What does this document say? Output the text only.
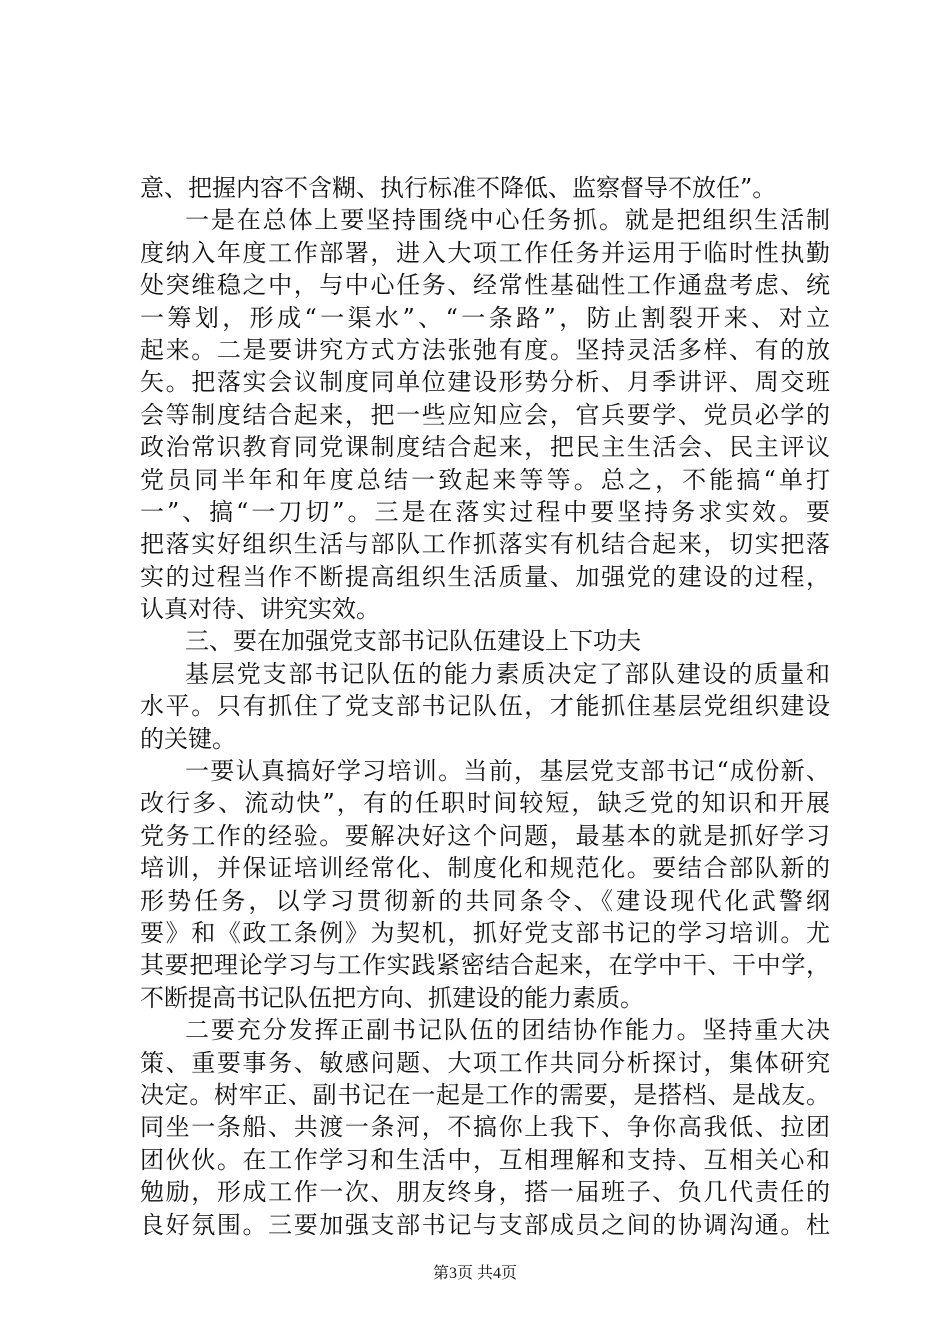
意、把握内容不含糊、执行标准不降低、监察督导不放任”。
一是在总体上要坚持围绕中心任务抓。就是把组织生活制
度纳入年度工作部署，进入大项工作任务并运用于临时性执勤
处突维稳之中，与中心任务、经常性基础性工作通盘考虑、统
一筹划，形成“一渠水”、“一条路”，防止割裂开来、对立
起来。二是要讲究方式方法张弛有度。坚持灵活多样、有的放
矢。把落实会议制度同单位建设形势分析、月季讲评、周交班
会等制度结合起来，把一些应知应会，官兵要学、党员必学的
政治常识教育同党课制度结合起来，把民主生活会、民主评议
党员同半年和年度总结一致起来等等。总之，不能搞“单打
一”、搞“一刀切”。三是在落实过程中要坚持务求实效。要
把落实好组织生活与部队工作抓落实有机结合起来，切实把落
实的过程当作不断提高组织生活质量、加强党的建设的过程，
认真对待、讲究实效。
三、要在加强党支部书记队伍建设上下功夫
基层党支部书记队伍的能力素质决定了部队建设的质量和
水平。只有抓住了党支部书记队伍，才能抓住基层党组织建设
的关键。
一要认真搞好学习培训。当前，基层党支部书记“成份新、
改行多、流动快”，有的任职时间较短，缺乏党的知识和开展
党务工作的经验。要解决好这个问题，最基本的就是抓好学习
培训，并保证培训经常化、制度化和规范化。要结合部队新的
形势任务，以学习贯彻新的共同条令、《建设现代化武警纲
要》和《政工条例》为契机，抓好党支部书记的学习培训。尤
其要把理论学习与工作实践紧密结合起来，在学中干、干中学，
不断提高书记队伍把方向、抓建设的能力素质。
二要充分发挥正副书记队伍的团结协作能力。坚持重大决
策、重要事务、敏感问题、大项工作共同分析探讨，集体研究
决定。树牢正、副书记在一起是工作的需要，是搭档、是战友。
同坐一条船、共渡一条河，不搞你上我下、争你高我低、拉团
团伙伙。在工作学习和生活中，互相理解和支持、互相关心和
勉励，形成工作一次、朋友终身，搭一届班子、负几代责任的
良好氛围。三要加强支部书记与支部成员之间的协调沟通。杜
第3页 共4页
